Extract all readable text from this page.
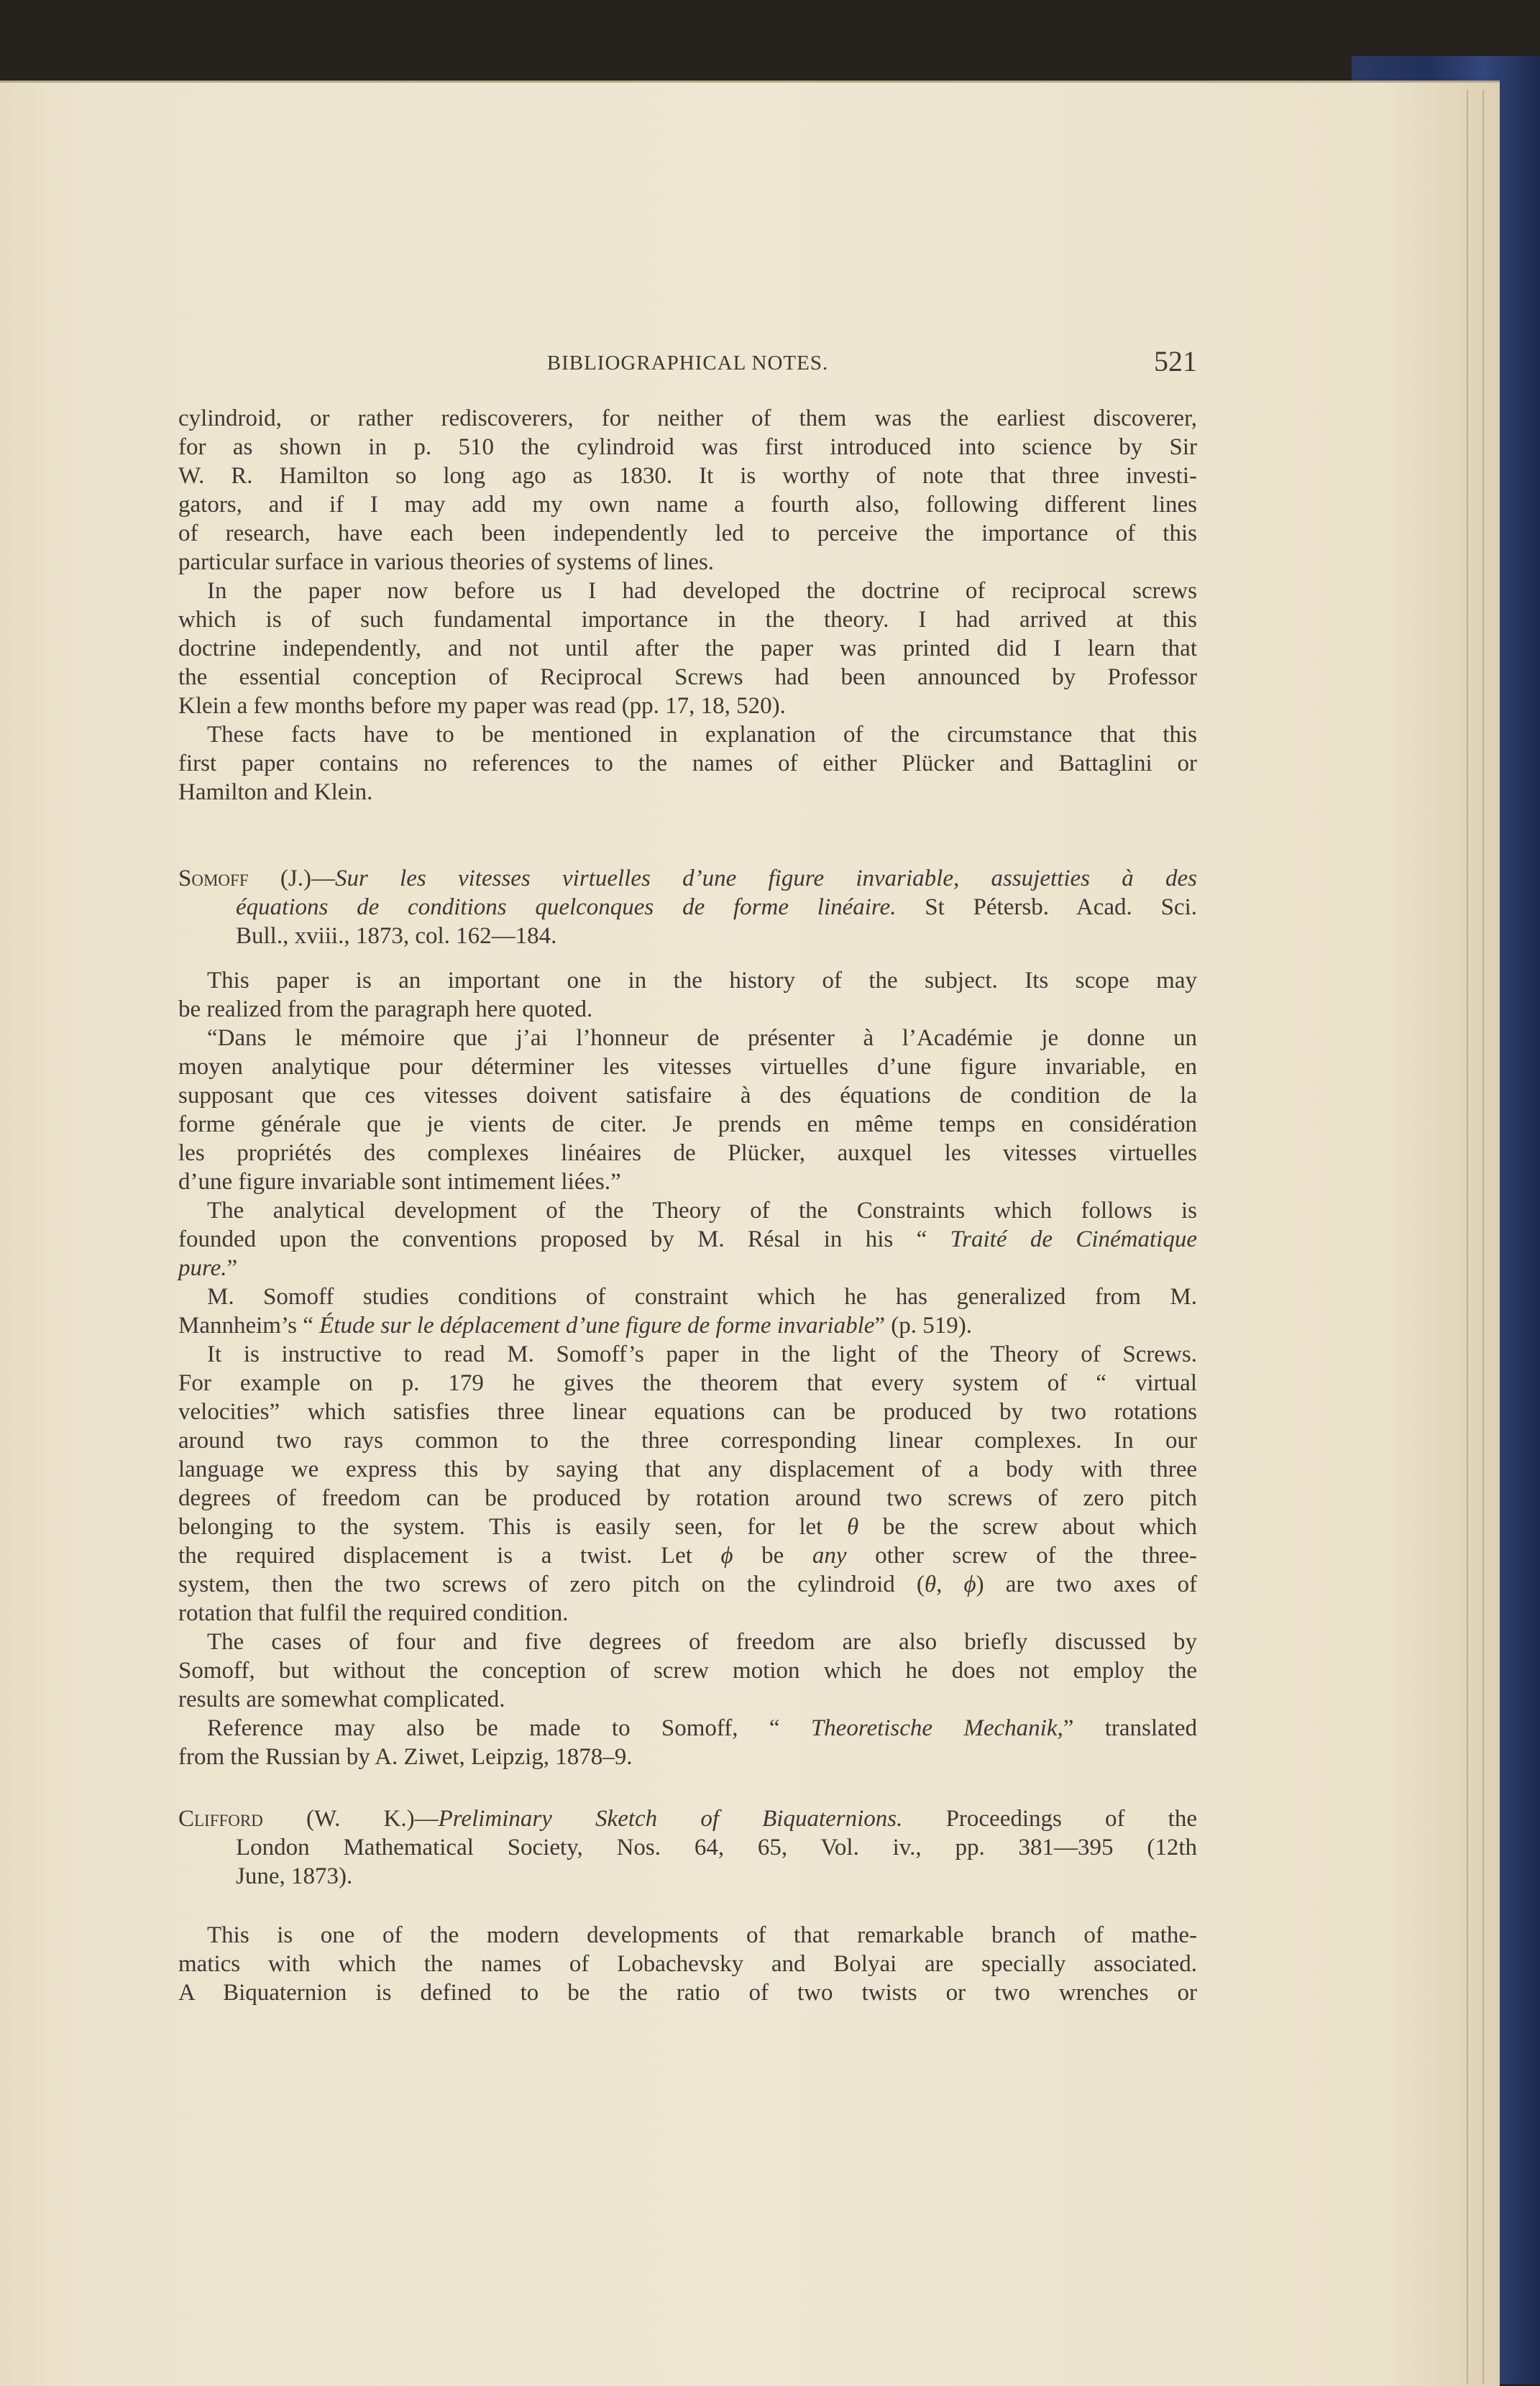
BIBLIOGRAPHICAL NOTES.	521
cylindroid, or rather rediscoverers, for neither of them was the earliest discoverer,
for as shown in p. 510 the cylindroid was first introduced into science by Sir
W. R. Hamilton so long ago as 1830. It is worthy of note that three investi-
gators, and if I may add my own name a fourth also, following different lines
of research, have each been independently led to perceive the importance of this
particular surface in various theories of systems of lines.
In the paper now before us I had developed the doctrine of reciprocal screws
which is of such fundamental importance in the theory. I had arrived at this
doctrine independently, and not until after the paper was printed did I learn that
the essential conception of Reciprocal Screws had been announced by Professor
Klein a few months before my paper was read (pp. 17, 18, 520).
These facts have to be mentioned in explanation of the circumstance that this
first paper contains no references to the names of either Plücker and Battaglini or
Hamilton and Klein.
Somoff (J.)—Sur les vitesses virtuelles d’une figure invariable, assujetties à des
équations de conditions quelconques de forme linéaire. St Pétersb. Acad. Sci.
Bull., xviii., 1873, col. 162—184.
This paper is an important one in the history of the subject. Its scope may
be realized from the paragraph here quoted.
“Dans le mémoire que j’ai l’honneur de présenter à l’Académie je donne un
moyen analytique pour déterminer les vitesses virtuelles d’une figure invariable, en
supposant que ces vitesses doivent satisfaire à des équations de condition de la
forme générale que je vients de citer. Je prends en même temps en considération
les propriétés des complexes linéaires de Plücker, auxquel les vitesses virtuelles
d’une figure invariable sont intimement liées.”
The analytical development of the Theory of the Constraints which follows is
founded upon the conventions proposed by M. Résal in his “ Traité de Cinématique
pure.”
M. Somoff studies conditions of constraint which he has generalized from M.
Mannheim’s “ Étude sur le déplacement d’une figure de forme invariable” (p. 519).
It is instructive to read M. Somoff’s paper in the light of the Theory of Screws.
For example on p. 179 he gives the theorem that every system of “ virtual
velocities” which satisfies three linear equations can be produced by two rotations
around two rays common to the three corresponding linear complexes. In our
language we express this by saying that any displacement of a body with three
degrees of freedom can be produced by rotation around two screws of zero pitch
belonging to the system. This is easily seen, for let θ be the screw about which
the required displacement is a twist. Let ϕ be any other screw of the three-
system, then the two screws of zero pitch on the cylindroid (θ, ϕ) are two axes of
rotation that fulfil the required condition.
The cases of four and five degrees of freedom are also briefly discussed by
Somoff, but without the conception of screw motion which he does not employ the
results are somewhat complicated.
Reference may also be made to Somoff, “ Theoretische Mechanik,” translated
from the Russian by A. Ziwet, Leipzig, 1878–9.
Clifford (W. K.)—Preliminary Sketch of Biquaternions. Proceedings of the
London Mathematical Society, Nos. 64, 65, Vol. iv., pp. 381—395 (12th
June, 1873).
This is one of the modern developments of that remarkable branch of mathe-
matics with which the names of Lobachevsky and Bolyai are specially associated.
A Biquaternion is defined to be the ratio of two twists or two wrenches or
